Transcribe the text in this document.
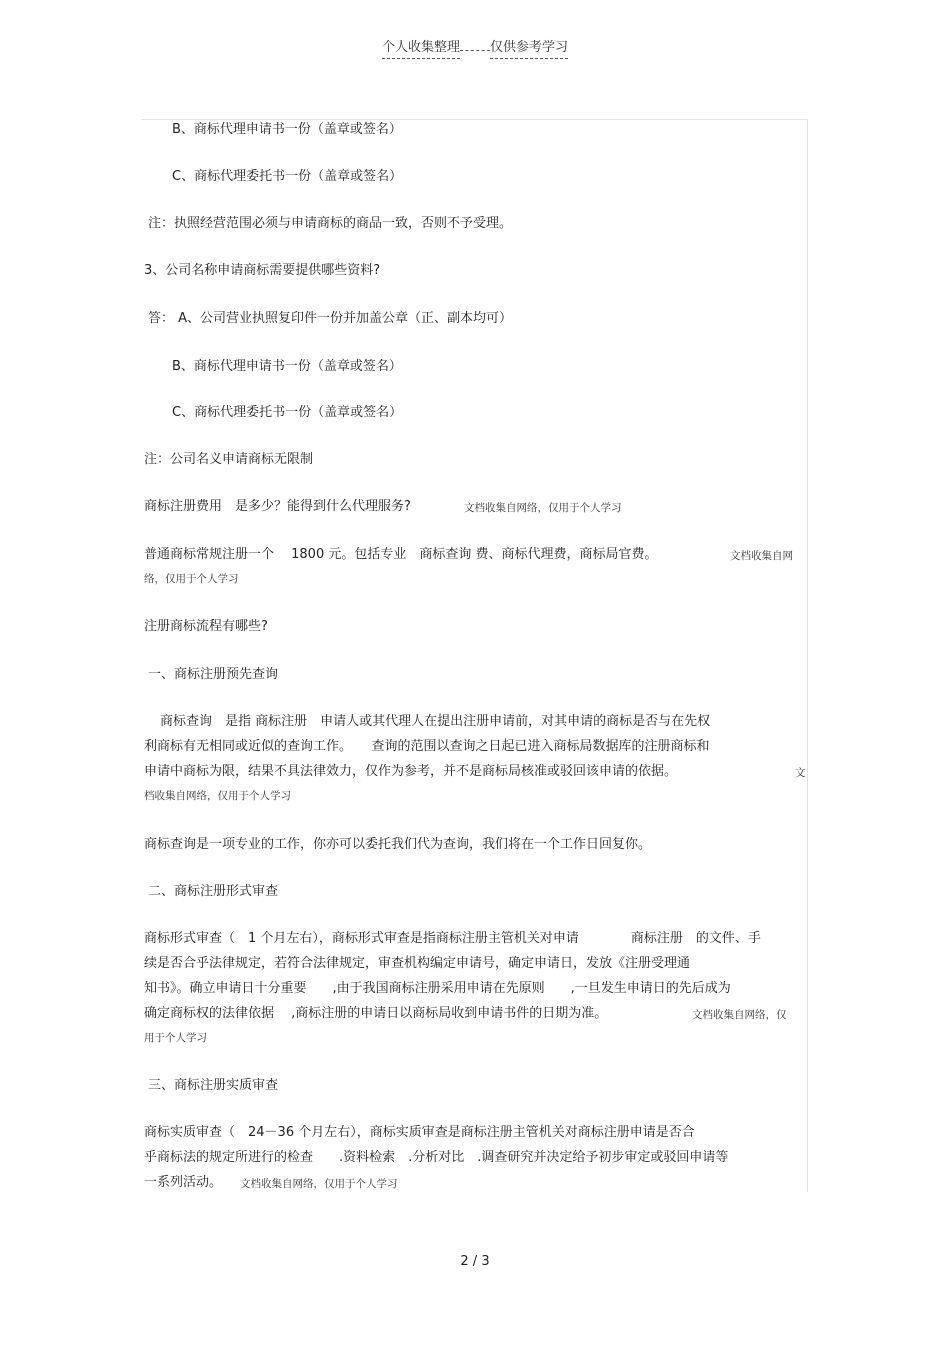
个人收集整理 仅供参考学习
B、商标代理申请书一份（盖章或签名）
C、商标代理委托书一份（盖章或签名）
注：执照经营范围必须与申请商标的商品一致，否则不予受理。
3、公司名称申请商标需要提供哪些资料?
答： A、公司营业执照复印件一份并加盖公章（正、副本均可）
B、商标代理申请书一份（盖章或签名）
C、商标代理委托书一份（盖章或签名）
注：公司名义申请商标无限制
商标注册费用　是多少？能得到什么代理服务?	文档收集自网络，仅用于个人学习
普通商标常规注册一个　 1800 元。包括专业　商标查询 费、商标代理费，商标局官费。	文档收集自网
络，仅用于个人学习
注册商标流程有哪些?
一、商标注册预先查询
商标查询　是指 商标注册　申请人或其代理人在提出注册申请前，对其申请的商标是否与在先权
利商标有无相同或近似的查询工作。　　查询的范围以查询之日起已进入商标局数据库的注册商标和
申请中商标为限，结果不具法律效力，仅作为参考，并不是商标局核准或驳回该申请的依据。	文
档收集自网络，仅用于个人学习
商标查询是一项专业的工作，你亦可以委托我们代为查询，我们将在一个工作日回复你。
二、商标注册形式审查
商标形式审查（　1 个月左右），商标形式审查是指商标注册主管机关对申请　　　　商标注册　的文件、手
续是否合乎法律规定，若符合法律规定，审查机构编定申请号，确定申请日，发放《注册受理通
知书》。确立申请日十分重要　　,由于我国商标注册采用申请在先原则　　,一旦发生申请日的先后成为
确定商标权的法律依据　 ,商标注册的申请日以商标局收到申请书件的日期为准。	文档收集自网络，仅
用于个人学习
三、商标注册实质审查
商标实质审查（　24－36 个月左右），商标实质审查是商标注册主管机关对商标注册申请是否合
乎商标法的规定所进行的检查　　.资料检索　.分析对比　.调查研究并决定给予初步审定或驳回申请等
一系列活动。 文档收集自网络，仅用于个人学习
2 / 3
